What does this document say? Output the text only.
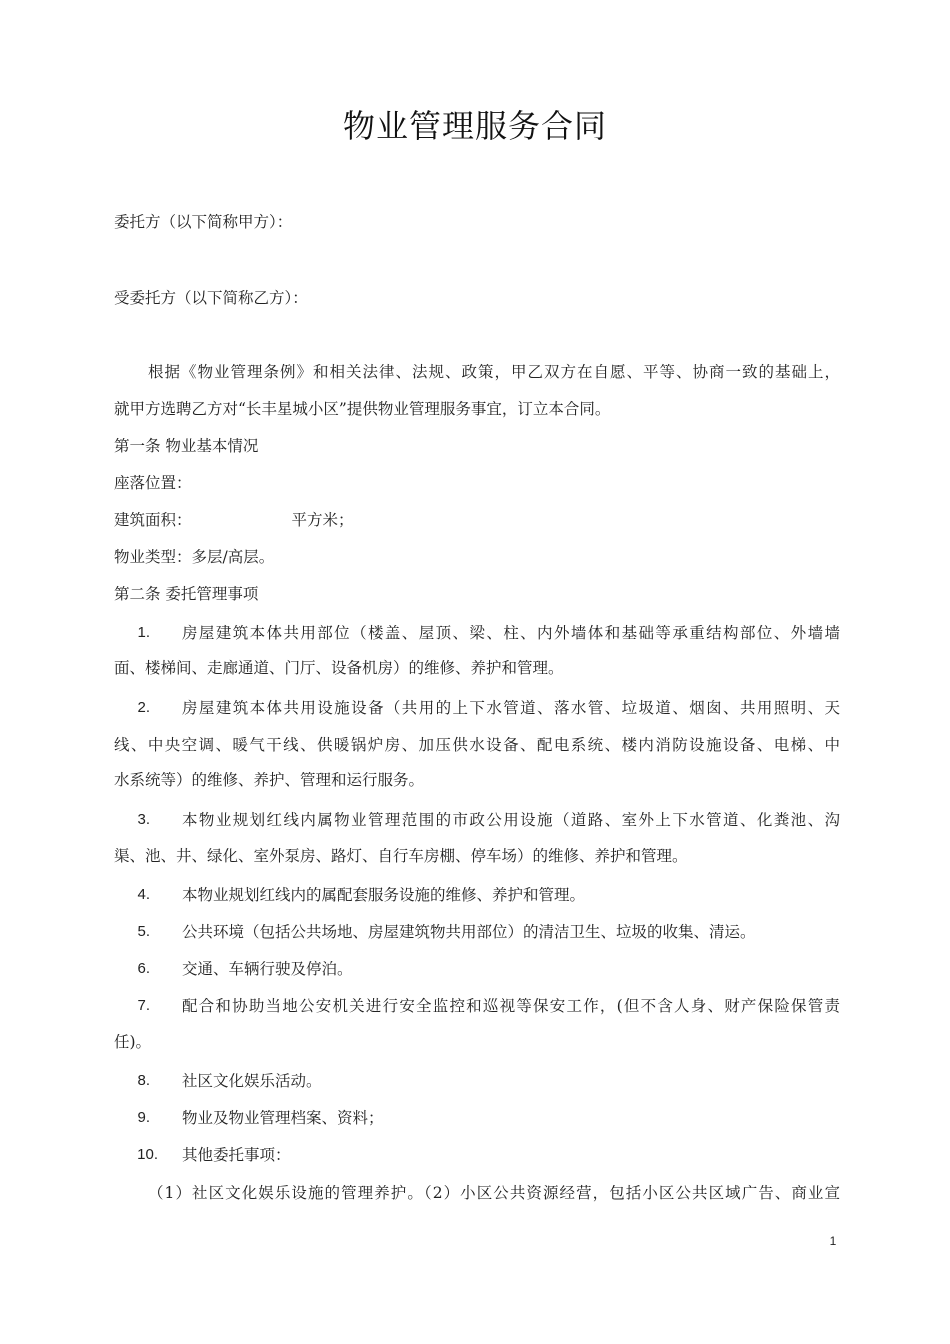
物业管理服务合同
委托方（以下简称甲方）：
受委托方（以下简称乙方）：
根据《物业管理条例》和相关法律、法规、政策，甲乙双方在自愿、平等、协商一致的基础上，
就甲方选聘乙方对“长丰星城小区”提供物业管理服务事宜，订立本合同。
第一条 物业基本情况
座落位置：
建筑面积：	平方米；
物业类型：多层/高层。
第二条 委托管理事项
1. 房屋建筑本体共用部位（楼盖、屋顶、梁、柱、内外墙体和基础等承重结构部位、外墙墙
面、楼梯间、走廊通道、门厅、设备机房）的维修、养护和管理。
2. 房屋建筑本体共用设施设备（共用的上下水管道、落水管、垃圾道、烟囱、共用照明、天
线、中央空调、暖气干线、供暖锅炉房、加压供水设备、配电系统、楼内消防设施设备、电梯、中
水系统等）的维修、养护、管理和运行服务。
3. 本物业规划红线内属物业管理范围的市政公用设施（道路、室外上下水管道、化粪池、沟
渠、池、井、绿化、室外泵房、路灯、自行车房棚、停车场）的维修、养护和管理。
4. 本物业规划红线内的属配套服务设施的维修、养护和管理。
5. 公共环境（包括公共场地、房屋建筑物共用部位）的清洁卫生、垃圾的收集、清运。
6. 交通、车辆行驶及停泊。
7. 配合和协助当地公安机关进行安全监控和巡视等保安工作，(但不含人身、财产保险保管责
任)。
8. 社区文化娱乐活动。
9. 物业及物业管理档案、资料；
10. 其他委托事项：
（1）社区文化娱乐设施的管理养护。（2）小区公共资源经营，包括小区公共区域广告、商业宣
1
